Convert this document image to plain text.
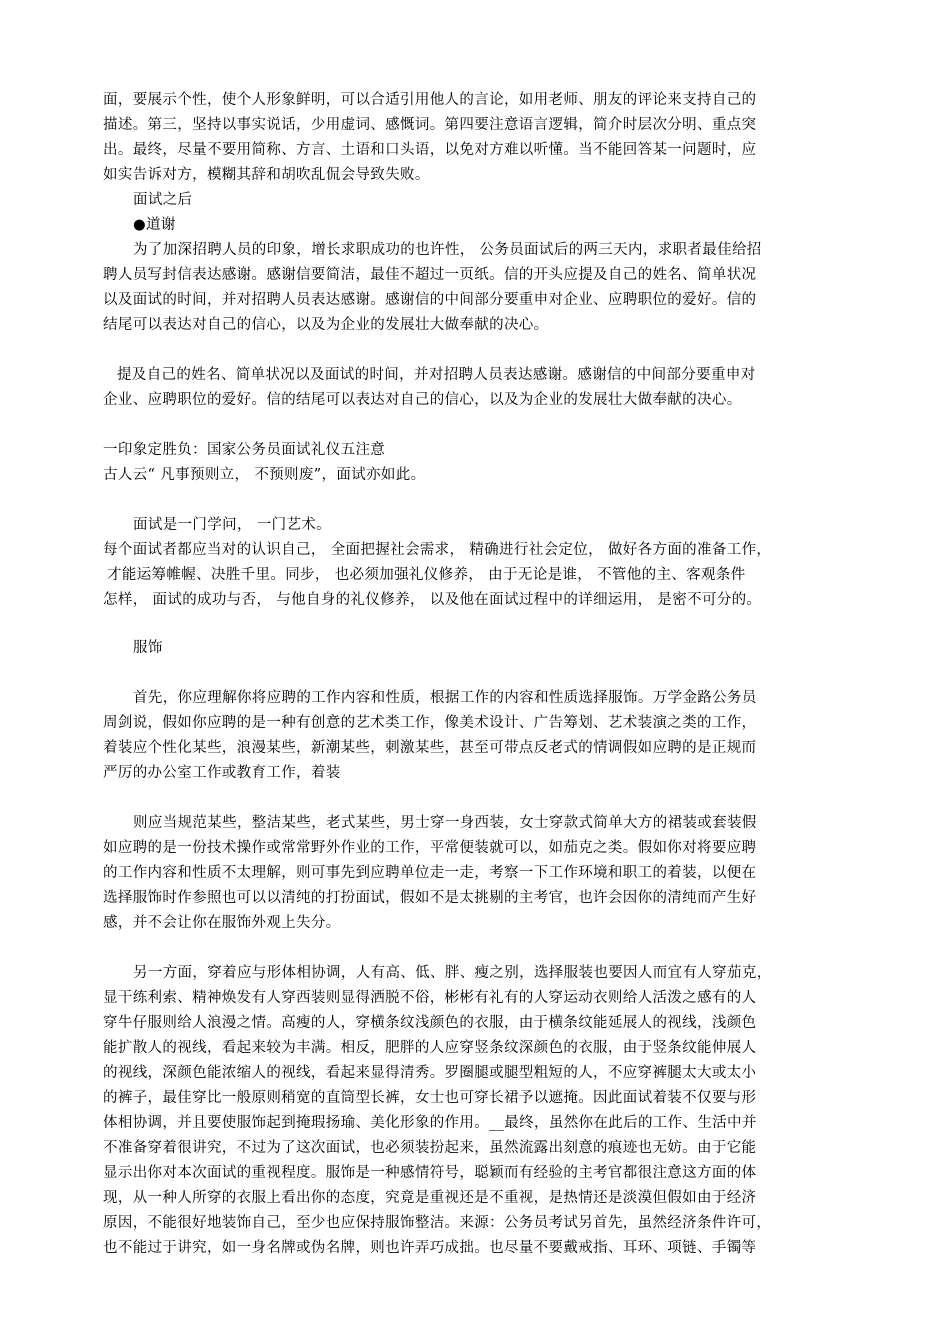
面，要展示个性，使个人形象鲜明，可以合适引用他人的言论，如用老师、朋友的评论来支持自己的
描述。第三，坚持以事实说话，少用虚词、感慨词。第四要注意语言逻辑，简介时层次分明、重点突
出。最终，尽量不要用简称、方言、土语和口头语，以免对方难以听懂。当不能回答某一问题时，应
如实告诉对方，模糊其辞和胡吹乱侃会导致失败。
面试之后
●道谢
为了加深招聘人员的印象，增长求职成功的也许性， 公务员面试后的两三天内，求职者最佳给招
聘人员写封信表达感谢。感谢信要简洁，最佳不超过一页纸。信的开头应提及自己的姓名、简单状况
以及面试的时间，并对招聘人员表达感谢。感谢信的中间部分要重申对企业、应聘职位的爱好。信的
结尾可以表达对自己的信心，以及为企业的发展壮大做奉献的决心。
提及自己的姓名、简单状况以及面试的时间，并对招聘人员表达感谢。感谢信的中间部分要重申对
企业、应聘职位的爱好。信的结尾可以表达对自己的信心，以及为企业的发展壮大做奉献的决心。
一印象定胜负：国家公务员面试礼仪五注意
古人云“ 凡事预则立， 不预则废”，面试亦如此。
面试是一门学问， 一门艺术。
每个面试者都应当对的认识自己， 全面把握社会需求， 精确进行社会定位， 做好各方面的准备工作，
才能运筹帷幄、决胜千里。同步， 也必须加强礼仪修养， 由于无论是谁， 不管他的主、客观条件
怎样， 面试的成功与否， 与他自身的礼仪修养， 以及他在面试过程中的详细运用， 是密不可分的。
服饰
首先，你应理解你将应聘的工作内容和性质，根据工作的内容和性质选择服饰。万学金路公务员
周剑说，假如你应聘的是一种有创意的艺术类工作，像美术设计、广告筹划、艺术装演之类的工作，
着装应个性化某些，浪漫某些，新潮某些，刺激某些，甚至可带点反老式的情调假如应聘的是正规而
严厉的办公室工作或教育工作，着装
则应当规范某些，整洁某些，老式某些，男士穿一身西装，女士穿款式简单大方的裙装或套装假
如应聘的是一份技术操作或常常野外作业的工作，平常便装就可以，如茄克之类。假如你对将要应聘
的工作内容和性质不太理解，则可事先到应聘单位走一走，考察一下工作环境和职工的着装，以便在
选择服饰时作参照也可以以清纯的打扮面试，假如不是太挑剔的主考官，也许会因你的清纯而产生好
感，并不会让你在服饰外观上失分。
另一方面，穿着应与形体相协调，人有高、低、胖、瘦之别，选择服装也要因人而宜有人穿茄克，
显干练利索、精神焕发有人穿西装则显得洒脱不俗，彬彬有礼有的人穿运动衣则给人活泼之感有的人
穿牛仔服则给人浪漫之情。高瘦的人，穿横条纹浅颜色的衣服，由于横条纹能延展人的视线，浅颜色
能扩散人的视线，看起来较为丰满。相反，肥胖的人应穿竖条纹深颜色的衣服，由于竖条纹能伸展人
的视线，深颜色能浓缩人的视线，看起来显得清秀。罗圈腿或腿型粗短的人，不应穿裤腿太大或太小
的裤子，最佳穿比一般原则稍宽的直筒型长裤，女士也可穿长裙予以遮掩。因此面试着装不仅要与形
体相协调，并且要使服饰起到掩瑕扬瑜、美化形象的作用。__最终，虽然你在此后的工作、生活中并
不准备穿着很讲究，不过为了这次面试，也必须装扮起来，虽然流露出刻意的痕迹也无妨。由于它能
显示出你对本次面试的重视程度。服饰是一种感情符号，聪颖而有经验的主考官都很注意这方面的体
现，从一种人所穿的衣服上看出你的态度，究竟是重视还是不重视，是热情还是淡漠但假如由于经济
原因，不能很好地装饰自己，至少也应保持服饰整洁。来源：公务员考试另首先，虽然经济条件许可，
也不能过于讲究，如一身名牌或伪名牌，则也许弄巧成拙。也尽量不要戴戒指、耳环、项链、手镯等
